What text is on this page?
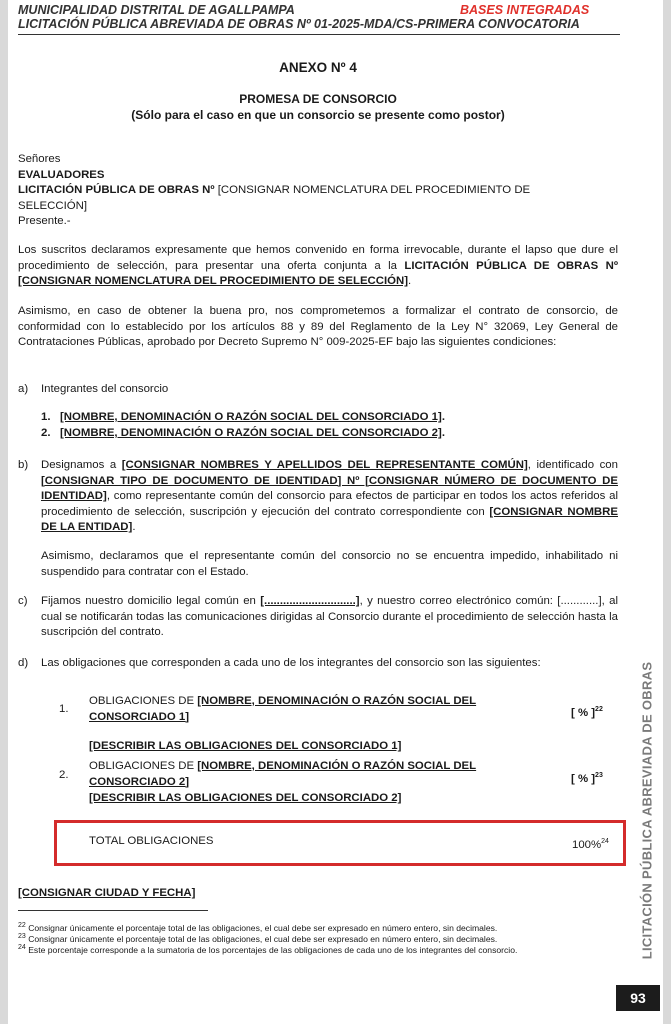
MUNICIPALIDAD DISTRITAL DE AGALLPAMPA	BASES INTEGRADAS
LICITACIÓN PÚBLICA ABREVIADA DE OBRAS Nº 01-2025-MDA/CS-PRIMERA CONVOCATORIA
ANEXO Nº 4
PROMESA DE CONSORCIO
(Sólo para el caso en que un consorcio se presente como postor)
Señores
EVALUADORES
LICITACIÓN PÚBLICA DE OBRAS Nº [CONSIGNAR NOMENCLATURA DEL PROCEDIMIENTO DE
SELECCIÓN]
Presente.-
Los suscritos declaramos expresamente que hemos convenido en forma irrevocable, durante el lapso que dure el procedimiento de selección, para presentar una oferta conjunta a la LICITACIÓN PÚBLICA DE OBRAS Nº [CONSIGNAR NOMENCLATURA DEL PROCEDIMIENTO DE SELECCIÓN].
Asimismo, en caso de obtener la buena pro, nos comprometemos a formalizar el contrato de consorcio, de conformidad con lo establecido por los artículos 88 y 89 del Reglamento de la Ley N° 32069, Ley General de Contrataciones Públicas, aprobado por Decreto Supremo N° 009-2025-EF bajo las siguientes condiciones:
a) Integrantes del consorcio
1. [NOMBRE, DENOMINACIÓN O RAZÓN SOCIAL DEL CONSORCIADO 1].
2. [NOMBRE, DENOMINACIÓN O RAZÓN SOCIAL DEL CONSORCIADO 2].
b) Designamos a [CONSIGNAR NOMBRES Y APELLIDOS DEL REPRESENTANTE COMÚN], identificado con [CONSIGNAR TIPO DE DOCUMENTO DE IDENTIDAD] Nº [CONSIGNAR NÚMERO DE DOCUMENTO DE IDENTIDAD], como representante común del consorcio para efectos de participar en todos los actos referidos al procedimiento de selección, suscripción y ejecución del contrato correspondiente con [CONSIGNAR NOMBRE DE LA ENTIDAD].
Asimismo, declaramos que el representante común del consorcio no se encuentra impedido, inhabilitado ni suspendido para contratar con el Estado.
c) Fijamos nuestro domicilio legal común en [.............................], y nuestro correo electrónico común: [............], al cual se notificarán todas las comunicaciones dirigidas al Consorcio durante el procedimiento de selección hasta la suscripción del contrato.
d) Las obligaciones que corresponden a cada uno de los integrantes del consorcio son las siguientes:
1.
OBLIGACIONES DE [NOMBRE, DENOMINACIÓN O RAZÓN SOCIAL DEL
CONSORCIADO 1]	[ % ]$^{22}$
[DESCRIBIR LAS OBLIGACIONES DEL CONSORCIADO 1]
2.
OBLIGACIONES DE [NOMBRE, DENOMINACIÓN O RAZÓN SOCIAL DEL
CONSORCIADO 2]	[ % ]$^{23}$
[DESCRIBIR LAS OBLIGACIONES DEL CONSORCIADO 2]
TOTAL OBLIGACIONES	100%$^{24}$
[CONSIGNAR CIUDAD Y FECHA]
$^{22}$ Consignar únicamente el porcentaje total de las obligaciones, el cual debe ser expresado en número entero, sin decimales.
$^{23}$ Consignar únicamente el porcentaje total de las obligaciones, el cual debe ser expresado en número entero, sin decimales.
$^{24}$ Este porcentaje corresponde a la sumatoria de los porcentajes de las obligaciones de cada uno de los integrantes del consorcio.	LICITACIÓN PÚBLICA ABREVIADA DE OBRAS
93
